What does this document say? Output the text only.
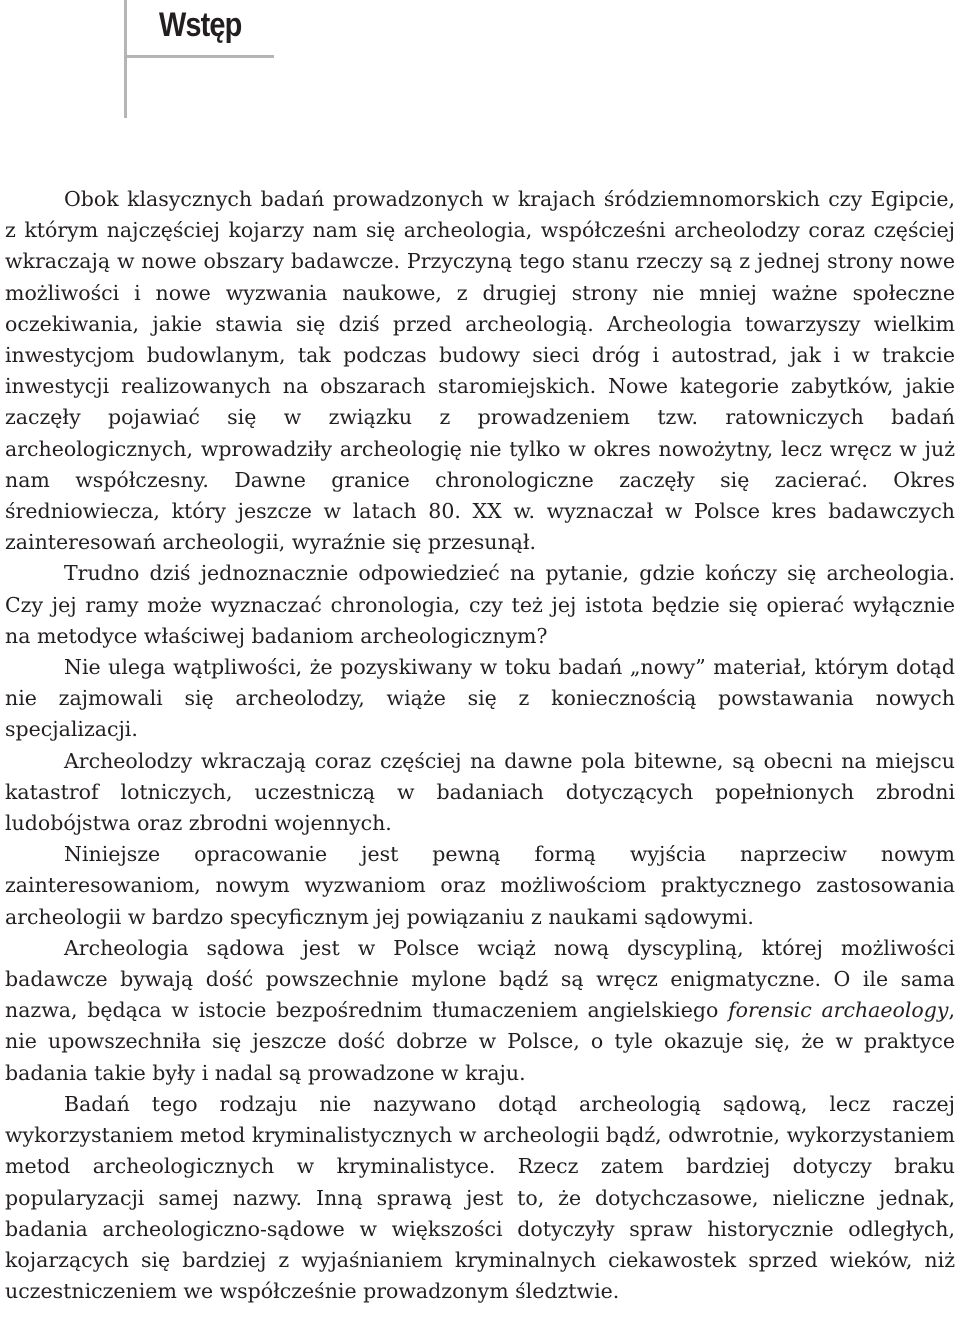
Wstęp

Obok klasycznych badań prowadzonych w krajach śródziemnomorskich czy Egipcie, z którym najczęściej kojarzy nam się archeologia, współcześni archeolodzy coraz częściej wkraczają w nowe obszary badawcze. Przyczyną tego stanu rzeczy są z jednej strony nowe możliwości i nowe wyzwania naukowe, z drugiej strony nie mniej ważne społeczne oczekiwania, jakie stawia się dziś przed archeologią. Archeologia towarzyszy wielkim inwestycjom budowlanym, tak podczas budowy sieci dróg i autostrad, jak i w trakcie inwestycji realizowanych na obszarach staromiejskich. Nowe kategorie zabytków, jakie zaczęły pojawiać się w związku z prowadzeniem tzw. ratowniczych badań archeologicznych, wprowadziły archeologię nie tylko w okres nowożytny, lecz wręcz w już nam współczesny. Dawne granice chronologiczne zaczęły się zacierać. Okres średniowiecza, który jeszcze w latach 80. XX w. wyznaczał w Polsce kres badawczych zainteresowań archeologii, wyraźnie się przesunął.

Trudno dziś jednoznacznie odpowiedzieć na pytanie, gdzie kończy się archeologia. Czy jej ramy może wyznaczać chronologia, czy też jej istota będzie się opierać wyłącznie na metodyce właściwej badaniom archeologicznym?

Nie ulega wątpliwości, że pozyskiwany w toku badań „nowy” materiał, którym dotąd nie zajmowali się archeolodzy, wiąże się z koniecznością powstawania nowych specjalizacji.

Archeolodzy wkraczają coraz częściej na dawne pola bitewne, są obecni na miejscu katastrof lotniczych, uczestniczą w badaniach dotyczących popełnionych zbrodni ludobójstwa oraz zbrodni wojennych.

Niniejsze opracowanie jest pewną formą wyjścia naprzeciw nowym zainteresowaniom, nowym wyzwaniom oraz możliwościom praktycznego zastosowania archeologii w bardzo specyficznym jej powiązaniu z naukami sądowymi.

Archeologia sądowa jest w Polsce wciąż nową dyscypliną, której możliwości badawcze bywają dość powszechnie mylone bądź są wręcz enigmatyczne. O ile sama nazwa, będąca w istocie bezpośrednim tłumaczeniem angielskiego forensic archaeology, nie upowszechniła się jeszcze dość dobrze w Polsce, o tyle okazuje się, że w praktyce badania takie były i nadal są prowadzone w kraju.

Badań tego rodzaju nie nazywano dotąd archeologią sądową, lecz raczej wykorzystaniem metod kryminalistycznych w archeologii bądź, odwrotnie, wykorzystaniem metod archeologicznych w kryminalistyce. Rzecz zatem bardziej dotyczy braku popularyzacji samej nazwy. Inną sprawą jest to, że dotychczasowe, nieliczne jednak, badania archeologiczno-sądowe w większości dotyczyły spraw historycznie odległych, kojarzących się bardziej z wyjaśnianiem kryminalnych ciekawostek sprzed wieków, niż uczestniczeniem we współcześnie prowadzonym śledztwie.
